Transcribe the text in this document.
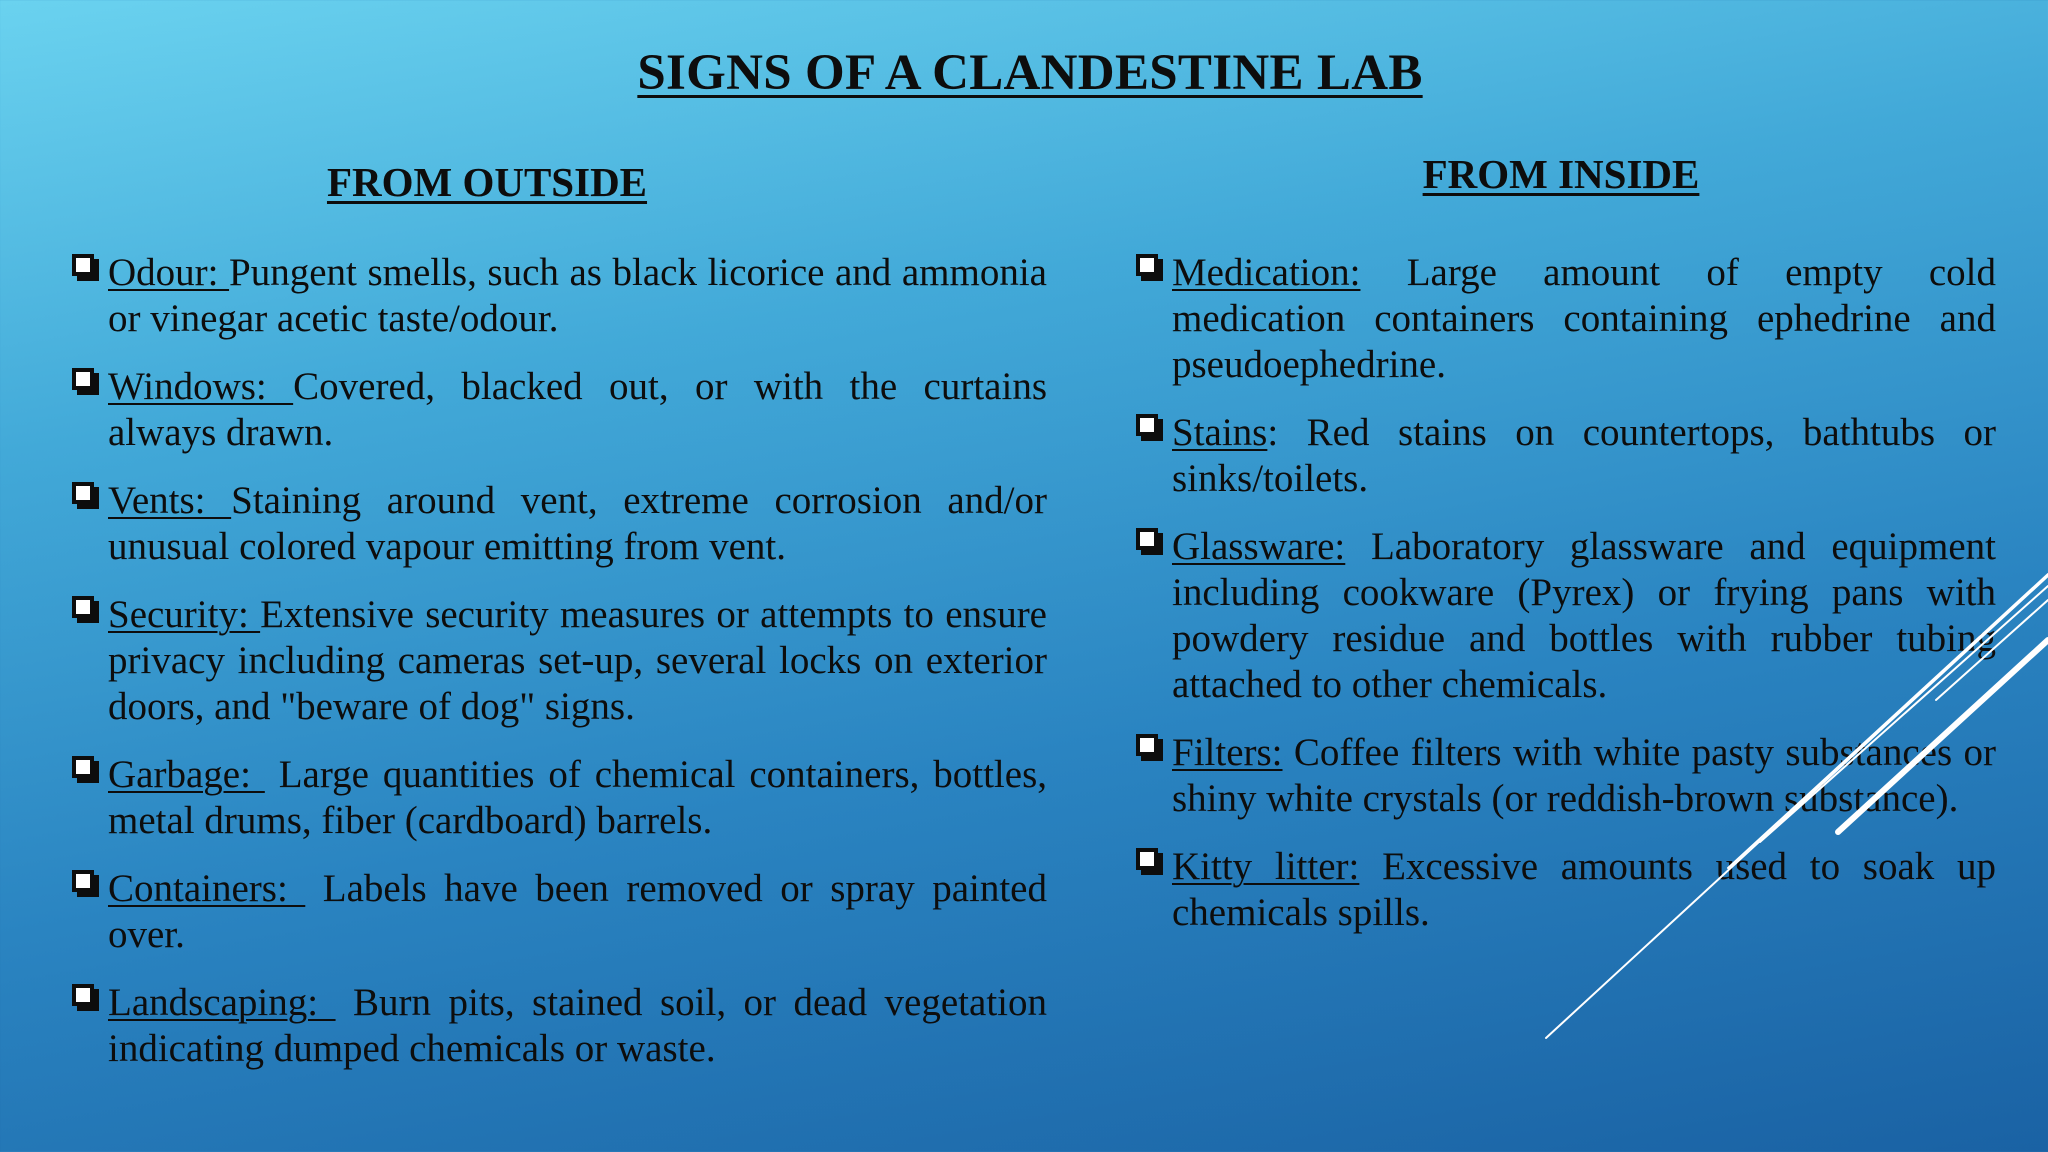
SIGNS OF A CLANDESTINE LAB
FROM OUTSIDE	FROM INSIDE
Odour: Pungent smells, such as black licorice and ammonia or vinegar acetic taste/odour.
Windows: Covered, blacked out, or with the curtains always drawn.
Vents: Staining around vent, extreme corrosion and/or unusual colored vapour emitting from vent.
Security: Extensive security measures or attempts to ensure privacy including cameras set-up, several locks on exterior doors, and "beware of dog" signs.
Garbage:  Large quantities of chemical containers, bottles, metal drums, fiber (cardboard) barrels.
Containers:  Labels have been removed or spray painted over.
Landscaping:  Burn pits, stained soil, or dead vegetation indicating dumped chemicals or waste.
Medication: Large amount of empty cold medication containers containing ephedrine and pseudoephedrine.
Stains: Red stains on countertops, bathtubs or sinks/toilets.
Glassware: Laboratory glassware and equipment including cookware (Pyrex) or frying pans with powdery residue and bottles with rubber tubing attached to other chemicals.
Filters: Coffee filters with white pasty substances or shiny white crystals (or reddish-brown substance).
Kitty litter: Excessive amounts used to soak up chemicals spills.
